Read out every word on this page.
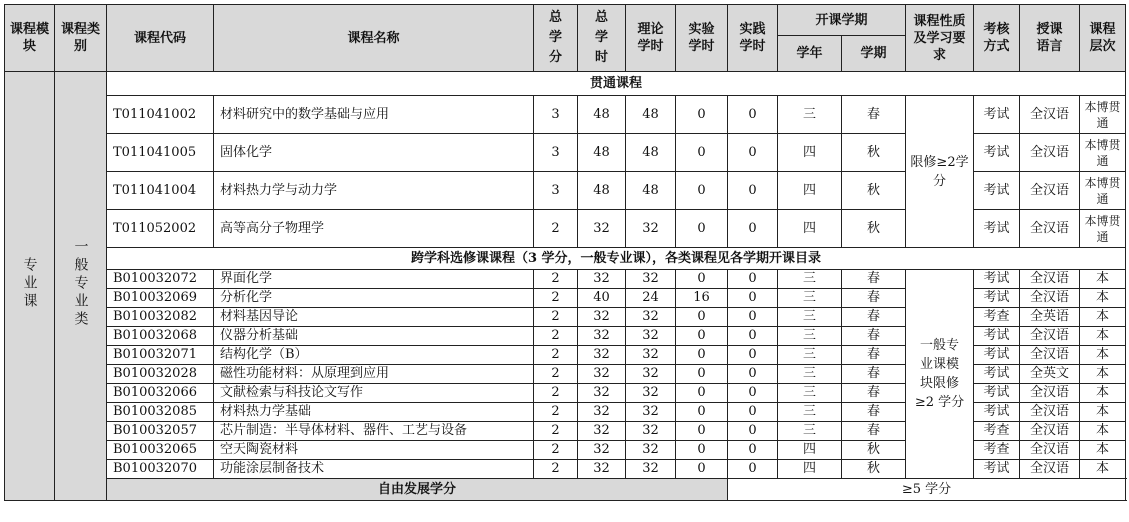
课程模块	课程类别	课程代码	课程名称	总学分	总学时	理论学时	实验学时	实践学时	开课学期		课程性质及学习要求	考核方式	授课语言	课程层次
									学年	学期				
专业课	一般专业类	贯通课程												
		T011041002	材料研究中的数学基础与应用	3	48	48	0	0	三	春	限修≥2学分	考试	全汉语	本博贯通
		T011041005	固体化学	3	48	48	0	0	四	秋		考试	全汉语	本博贯通
		T011041004	材料热力学与动力学	3	48	48	0	0	四	秋		考试	全汉语	本博贯通
		T011052002	高等高分子物理学	2	32	32	0	0	四	秋		考试	全汉语	本博贯通
		跨学科选修课课程（3 学分，一般专业课），各类课程见各学期开课目录												
		B010032072	界面化学	2	32	32	0	0	三	春	一般专业课模块限修≥2 学分	考试	全汉语	本
		B010032069	分析化学	2	40	24	16	0	三	春		考试	全汉语	本
		B010032082	材料基因导论	2	32	32	0	0	三	春		考查	全英语	本
		B010032068	仪器分析基础	2	32	32	0	0	三	春		考试	全汉语	本
		B010032071	结构化学（B）	2	32	32	0	0	三	春		考试	全汉语	本
		B010032028	磁性功能材料：从原理到应用	2	32	32	0	0	三	春		考试	全英文	本
		B010032066	文献检索与科技论文写作	2	32	32	0	0	三	春		考试	全汉语	本
		B010032085	材料热力学基础	2	32	32	0	0	三	春		考试	全汉语	本
		B010032057	芯片制造：半导体材料、器件、工艺与设备	2	32	32	0	0	三	春		考查	全汉语	本
		B010032065	空天陶瓷材料	2	32	32	0	0	四	秋		考查	全汉语	本
		B010032070	功能涂层制备技术	2	32	32	0	0	四	秋		考试	全汉语	本
		自由发展学分						≥5 学分						
